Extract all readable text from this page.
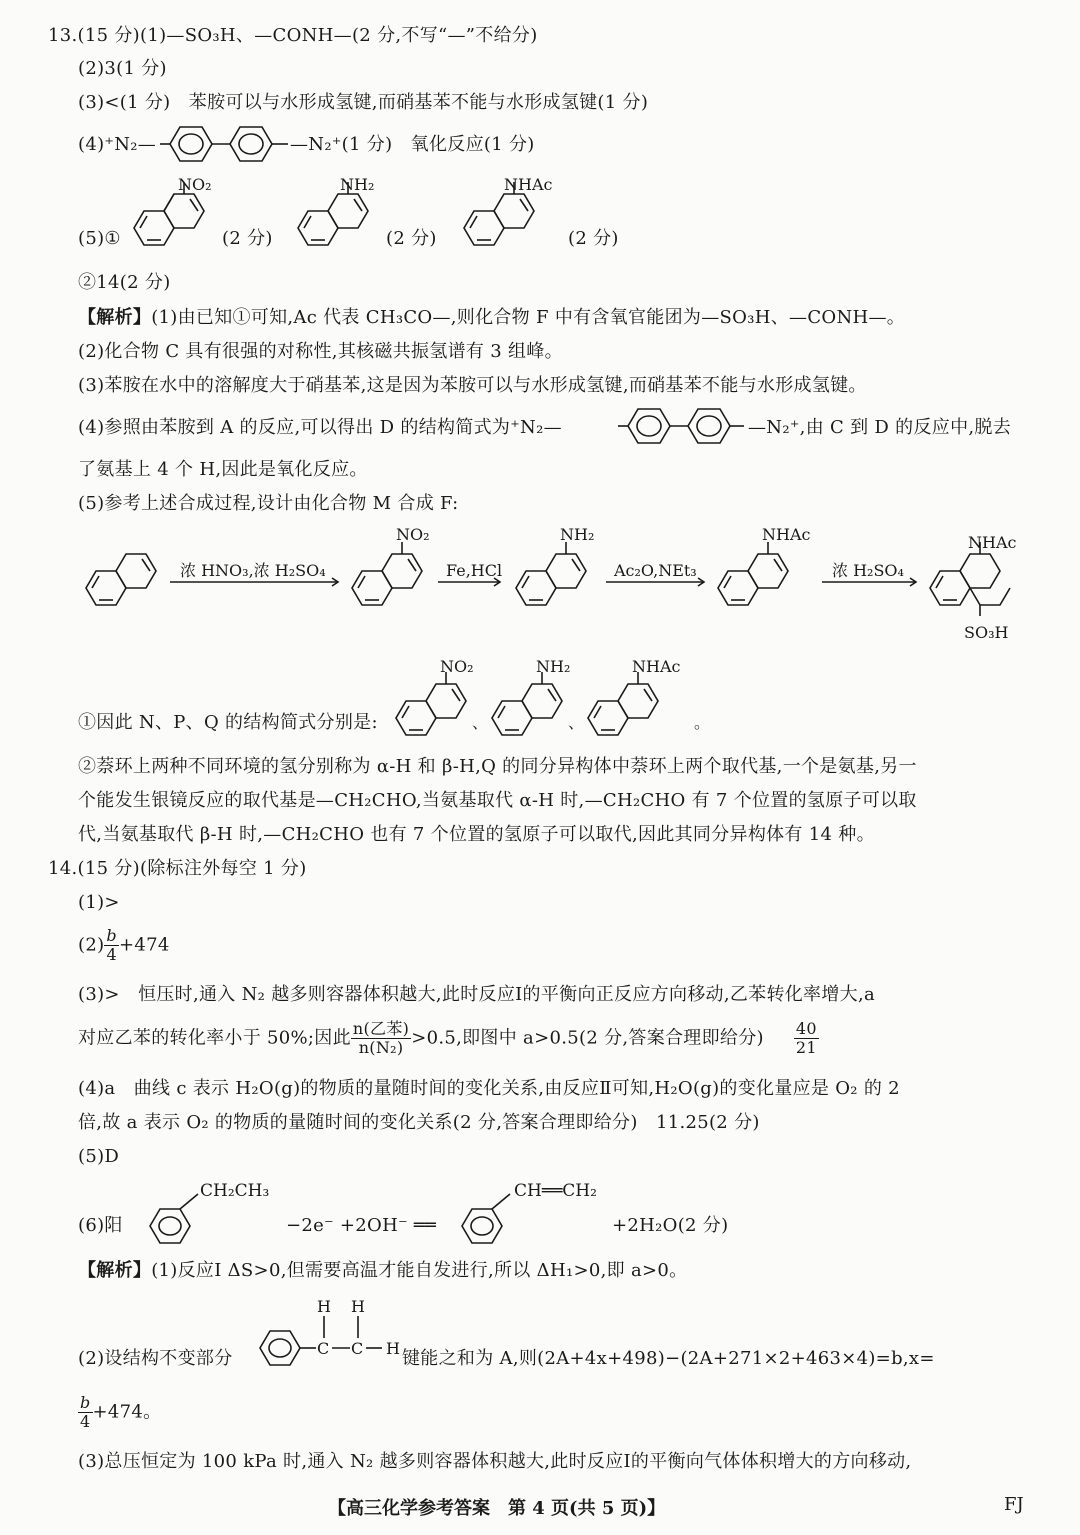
13.(15 分)(1)—SO₃H、—CONH—(2 分,不写“—”不给分)
(2)3(1 分)
(3)<(1 分)　苯胺可以与水形成氢键,而硝基苯不能与水形成氢键(1 分)
(4)⁺N₂—	—N₂⁺(1 分)　氧化反应(1 分)
(5)①
NO₂
(2 分)
NH₂
(2 分)
NHAc
(2 分)
②14(2 分)
【解析】(1)由已知①可知,Ac 代表 CH₃CO—,则化合物 F 中有含氧官能团为—SO₃H、—CONH—。
(2)化合物 C 具有很强的对称性,其核磁共振氢谱有 3 组峰。
(3)苯胺在水中的溶解度大于硝基苯,这是因为苯胺可以与水形成氢键,而硝基苯不能与水形成氢键。
(4)参照由苯胺到 A 的反应,可以得出 D 的结构简式为⁺N₂—	—N₂⁺,由 C 到 D 的反应中,脱去
了氨基上 4 个 H,因此是氧化反应。
(5)参考上述合成过程,设计由化合物 M 合成 F:
浓 HNO₃,浓 H₂SO₄	Fe,HCl	Ac₂O,NEt₃	浓 H₂SO₄
NO₂	NH₂	NHAc	NHAc
SO₃H
①因此 N、P、Q 的结构简式分别是:
NO₂	NH₂	NHAc
、	、	。
②萘环上两种不同环境的氢分别称为 α-H 和 β-H,Q 的同分异构体中萘环上两个取代基,一个是氨基,另一
个能发生银镜反应的取代基是—CH₂CHO,当氨基取代 α-H 时,—CH₂CHO 有 7 个位置的氢原子可以取
代,当氨基取代 β-H 时,—CH₂CHO 也有 7 个位置的氢原子可以取代,因此其同分异构体有 14 种。
14.(15 分)(除标注外每空 1 分)
(1)>
$(2) \frac{b}{4} +474$
(3)>　恒压时,通入 N₂ 越多则容器体积越大,此时反应Ⅰ的平衡向正反应方向移动,乙苯转化率增大,a
对应乙苯的转化率小于 50%;因此 $\frac{\text{n(乙苯)}}{\text{n(N₂)}} >0.5$,即图中 a>0.5(2 分,答案合理即给分) $\frac{40}{21}$
(4)a　曲线 c 表示 H₂O(g)的物质的量随时间的变化关系,由反应Ⅱ可知,H₂O(g)的变化量应是 O₂ 的 2
倍,故 a 表示 O₂ 的物质的量随时间的变化关系(2 分,答案合理即给分)　11.25(2 分)
(5)D
(6)阳
CH₂CH₃
−2e⁻ +2OH⁻ ══
CH══CH₂
+2H₂O(2 分)
【解析】(1)反应Ⅰ ΔS>0,但需要高温才能自发进行,所以 ΔH₁>0,即 a>0。
(2)设结构不变部分
H H
C C H 键能之和为 A,则(2A+4x+498)−(2A+271×2+463×4)=b,x=
$\frac{b}{4} +474$。
(3)总压恒定为 100 kPa 时,通入 N₂ 越多则容器体积越大,此时反应Ⅰ的平衡向气体体积增大的方向移动,
【高三化学参考答案　第 4 页(共 5 页)】	FJ
